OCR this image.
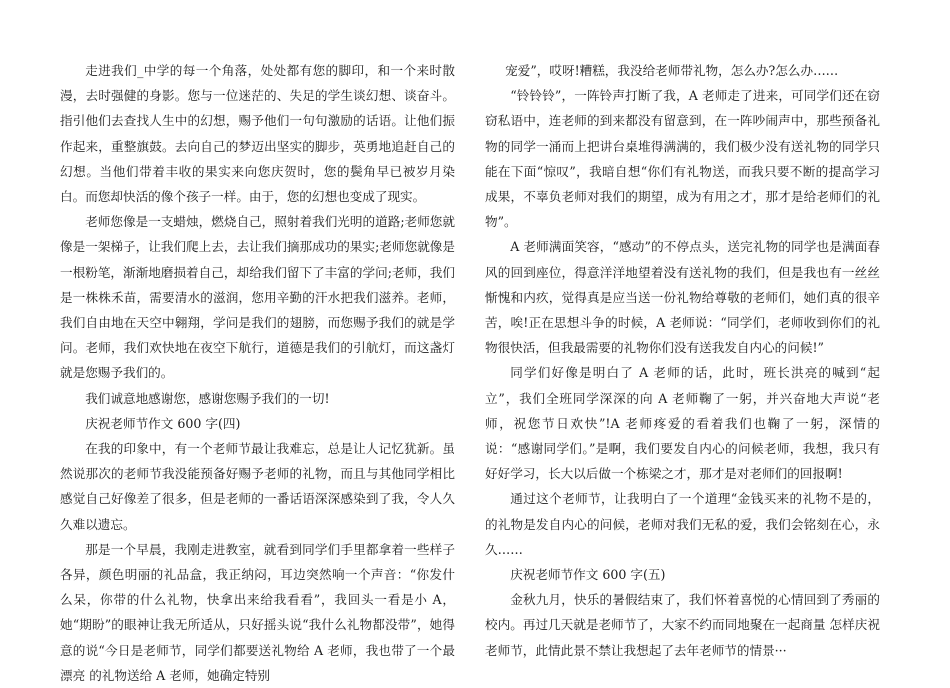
走进我们_中学的每一个角落，处处都有您的脚印，和一个来时散漫，去时强健的身影。您与一位迷茫的、失足的学生谈幻想、谈奋斗。指引他们去查找人生中的幻想，赐予他们一句句激励的话语。让他们振作起来，重整旗鼓。去向自己的梦迈出坚实的脚步，英勇地追赶自己的幻想。当他们带着丰收的果实来向您庆贺时，您的鬓角早已被岁月染白。而您却快活的像个孩子一样。由于，您的幻想也变成了现实。

老师您像是一支蜡烛，燃烧自己，照射着我们光明的道路;老师您就像是一架梯子，让我们爬上去，去让我们摘那成功的果实;老师您就像是一根粉笔，渐渐地磨损着自己，却给我们留下了丰富的学问;老师，我们是一株株禾苗，需要清水的滋润，您用辛勤的汗水把我们滋养。老师，我们自由地在天空中翱翔，学问是我们的翅膀，而您赐予我们的就是学问。老师，我们欢快地在夜空下航行，道德是我们的引航灯，而这盏灯就是您赐予我们的。

我们诚意地感谢您，感谢您赐予我们的一切!

庆祝老师节作文 600 字(四)

在我的印象中，有一个老师节最让我难忘，总是让人记忆犹新。虽然说那次的老师节我没能预备好赐予老师的礼物，而且与其他同学相比感觉自己好像差了很多，但是老师的一番话语深深感染到了我，令人久久难以遗忘。

那是一个早晨，我刚走进教室，就看到同学们手里都拿着一些样子各异，颜色明丽的礼品盒，我正纳闷，耳边突然响一个声音：“你发什么呆，你带的什么礼物，快拿出来给我看看”，我回头一看是小 A，她“期盼”的眼神让我无所适从，只好摇头说“我什么礼物都没带”，她得意的说“今日是老师节，同学们都要送礼物给 A 老师，我也带了一个最漂亮 的礼物送给 A 老师，她确定特别

宠爱”，哎呀!糟糕，我没给老师带礼物，怎么办?怎么办……

“铃铃铃”，一阵铃声打断了我，A 老师走了进来，可同学们还在窃窃私语中，连老师的到来都没有留意到，在一阵吵闹声中，那些预备礼物的同学一涌而上把讲台桌堆得满满的，我们极少没有送礼物的同学只能在下面“惊叹”，我暗自想“你们有礼物送，而我只要不断的提高学习成果，不辜负老师对我们的期望，成为有用之才，那才是给老师们的礼物”。

A 老师满面笑容，“感动”的不停点头，送完礼物的同学也是满面春风的回到座位，得意洋洋地望着没有送礼物的我们，但是我也有一丝丝惭愧和内疚，觉得真是应当送一份礼物给尊敬的老师们，她们真的很辛苦，唉!正在思想斗争的时候，A 老师说：“同学们，老师收到你们的礼物很快活，但我最需要的礼物你们没有送我发自内心的问候!”

同学们好像是明白了 A 老师的话，此时，班长洪亮的喊到“起立”，我们全班同学深深的向 A 老师鞠了一躬，并兴奋地大声说“老师，祝您节日欢快”!A 老师疼爱的看着我们也鞠了一躬，深情的说：“感谢同学们。”是啊，我们要发自内心的问候老师，我想，我只有好好学习，长大以后做一个栋梁之才，那才是对老师们的回报啊!

通过这个老师节，让我明白了一个道理“金钱买来的礼物不是的，的礼物是发自内心的问候，老师对我们无私的爱，我们会铭刻在心，永久……

庆祝老师节作文 600 字(五)

金秋九月，快乐的暑假结束了，我们怀着喜悦的心情回到了秀丽的校内。再过几天就是老师节了，大家不约而同地聚在一起商量 怎样庆祝老师节，此情此景不禁让我想起了去年老师节的情景···
